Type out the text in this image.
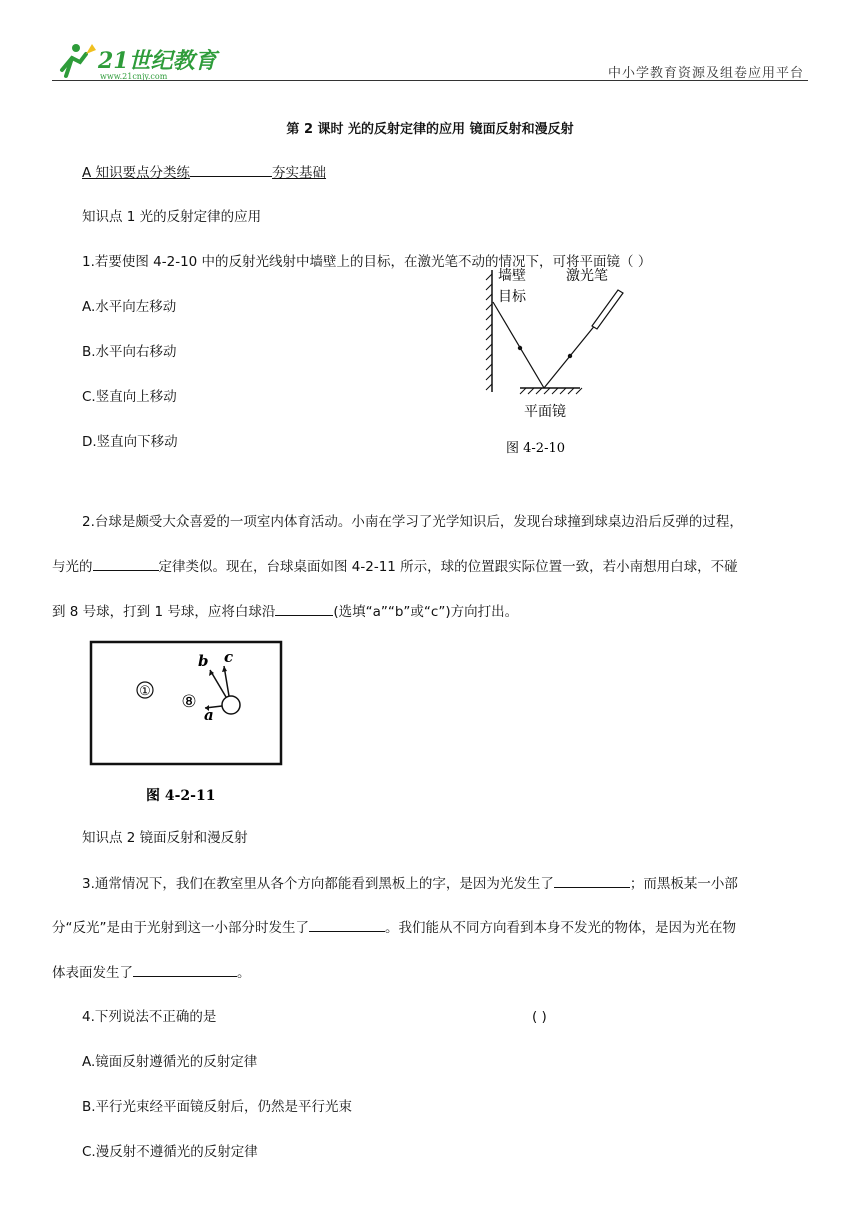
21世纪教育
www.21cnjy.com	中小学教育资源及组卷应用平台
第 2 课时 光的反射定律的应用 镜面反射和漫反射
A 知识要点分类练	夯实基础
知识点 1 光的反射定律的应用
1.若要使图 4-2-10 中的反射光线射中墙壁上的目标，在激光笔不动的情况下，可将平面镜（ ）
A.水平向左移动
B.水平向右移动
C.竖直向上移动
D.竖直向下移动
墙壁
目标
激光笔
平面镜
图 4-2-10
2.台球是颇受大众喜爱的一项室内体育活动。小南在学习了光学知识后，发现台球撞到球桌边沿后反弹的过程，
与光的	定律类似。现在，台球桌面如图 4-2-11 所示，球的位置跟实际位置一致，若小南想用白球，不碰
到 8 号球，打到 1 号球，应将白球沿	(选填“a”“b”或“c”)方向打出。
①
⑧
b c
a
图 4-2-11
知识点 2 镜面反射和漫反射
3.通常情况下，我们在教室里从各个方向都能看到黑板上的字，是因为光发生了	；而黑板某一小部
分“反光”是由于光射到这一小部分时发生了	。我们能从不同方向看到本身不发光的物体，是因为光在物
体表面发生了	。
4.下列说法不正确的是	( )
A.镜面反射遵循光的反射定律
B.平行光束经平面镜反射后，仍然是平行光束
C.漫反射不遵循光的反射定律
